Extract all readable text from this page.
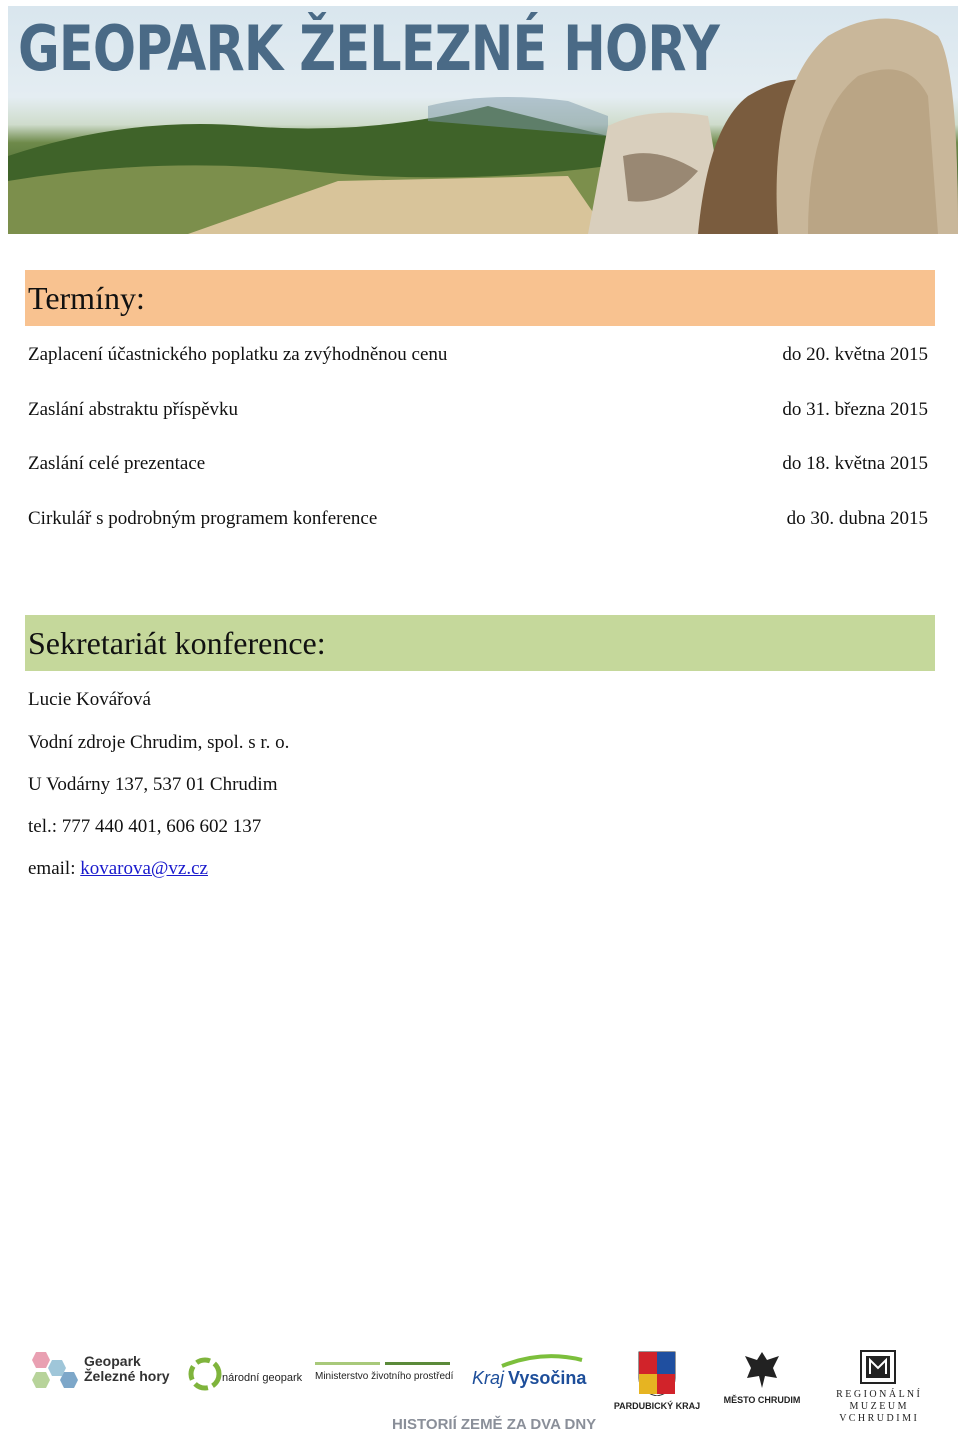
GEOPARK ŽELEZNÉ HORY
Termíny:
Zaplacení účastnického poplatku za zvýhodněnou cenu	do 20. května 2015
Zaslání abstraktu příspěvku	do 31. března 2015
Zaslání celé prezentace	do 18. května 2015
Cirkulář s podrobným programem konference	do 30. dubna 2015
Sekretariát konference:
Lucie Kovářová
Vodní zdroje Chrudim, spol. s r. o.
U Vodárny 137, 537 01 Chrudim
tel.: 777 440 401, 606 602 137
email: kovarova@vz.cz
Geopark
Železné hory	národní geopark Ministerstvo životního prostředí
HISTORIÍ ZEMĚ ZA DVA DNY
Kraj Vysočina
PARDUBICKÝ KRAJ
MĚSTO CHRUDIM	R E G I O N Á L N Í
M U Z E U M
V C H R U D I M I
